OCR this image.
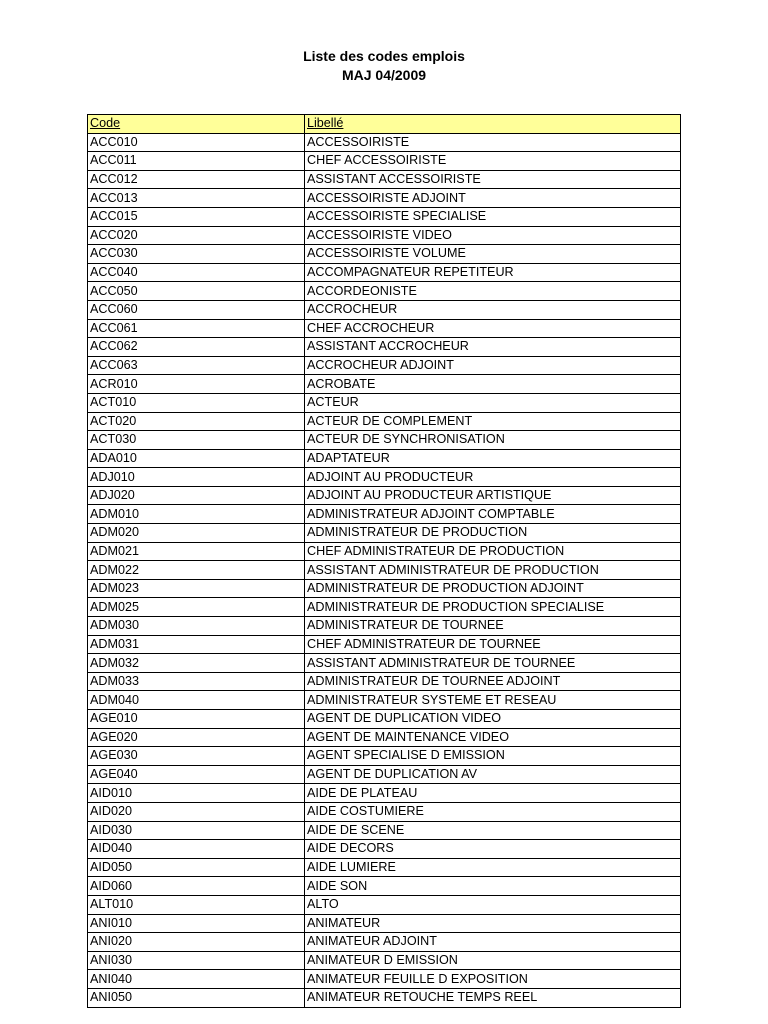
Liste des codes emplois
MAJ 04/2009
Code	Libellé
ACC010	ACCESSOIRISTE
ACC011	CHEF ACCESSOIRISTE
ACC012	ASSISTANT ACCESSOIRISTE
ACC013	ACCESSOIRISTE ADJOINT
ACC015	ACCESSOIRISTE SPECIALISE
ACC020	ACCESSOIRISTE VIDEO
ACC030	ACCESSOIRISTE VOLUME
ACC040	ACCOMPAGNATEUR REPETITEUR
ACC050	ACCORDEONISTE
ACC060	ACCROCHEUR
ACC061	CHEF ACCROCHEUR
ACC062	ASSISTANT ACCROCHEUR
ACC063	ACCROCHEUR ADJOINT
ACR010	ACROBATE
ACT010	ACTEUR
ACT020	ACTEUR DE COMPLEMENT
ACT030	ACTEUR DE SYNCHRONISATION
ADA010	ADAPTATEUR
ADJ010	ADJOINT AU PRODUCTEUR
ADJ020	ADJOINT AU PRODUCTEUR ARTISTIQUE
ADM010	ADMINISTRATEUR ADJOINT COMPTABLE
ADM020	ADMINISTRATEUR DE PRODUCTION
ADM021	CHEF ADMINISTRATEUR DE PRODUCTION
ADM022	ASSISTANT ADMINISTRATEUR DE PRODUCTION
ADM023	ADMINISTRATEUR DE PRODUCTION ADJOINT
ADM025	ADMINISTRATEUR DE PRODUCTION SPECIALISE
ADM030	ADMINISTRATEUR DE TOURNEE
ADM031	CHEF ADMINISTRATEUR DE TOURNEE
ADM032	ASSISTANT ADMINISTRATEUR DE TOURNEE
ADM033	ADMINISTRATEUR DE TOURNEE ADJOINT
ADM040	ADMINISTRATEUR SYSTEME ET RESEAU
AGE010	AGENT DE DUPLICATION VIDEO
AGE020	AGENT DE MAINTENANCE VIDEO
AGE030	AGENT SPECIALISE D EMISSION
AGE040	AGENT DE DUPLICATION AV
AID010	AIDE DE PLATEAU
AID020	AIDE COSTUMIERE
AID030	AIDE DE SCENE
AID040	AIDE DECORS
AID050	AIDE LUMIERE
AID060	AIDE SON
ALT010	ALTO
ANI010	ANIMATEUR
ANI020	ANIMATEUR ADJOINT
ANI030	ANIMATEUR D EMISSION
ANI040	ANIMATEUR FEUILLE D EXPOSITION
ANI050	ANIMATEUR RETOUCHE TEMPS REEL
